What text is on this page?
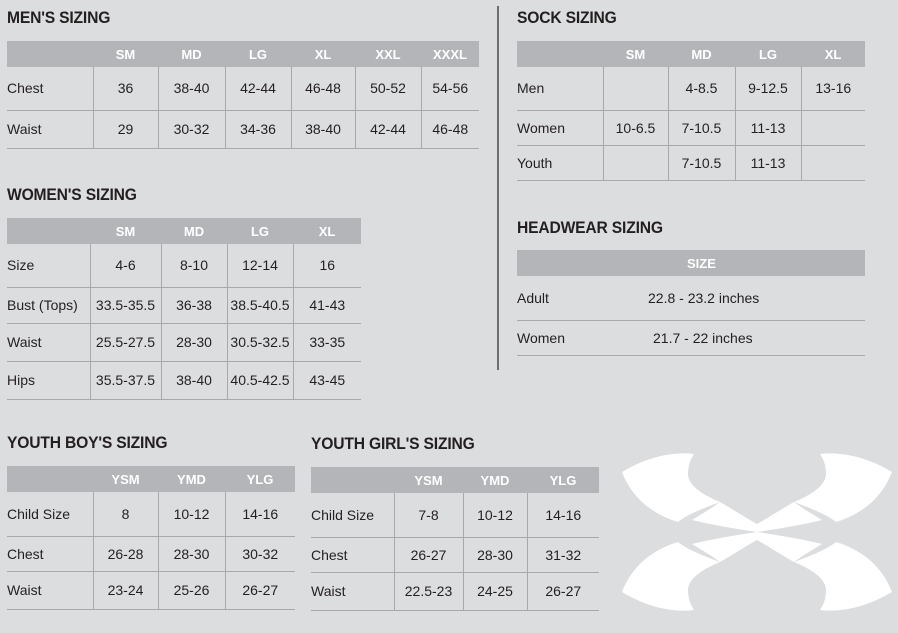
MEN'S SIZING
	SM	MD	LG	XL	XXL	XXXL
Chest	36	38-40	42-44	46-48	50-52	54-56
Waist	29	30-32	34-36	38-40	42-44	46-48
WOMEN'S SIZING
	SM	MD	LG	XL
Size	4-6	8-10	12-14	16
Bust (Tops)	33.5-35.5	36-38	38.5-40.5	41-43
Waist	25.5-27.5	28-30	30.5-32.5	33-35
Hips	35.5-37.5	38-40	40.5-42.5	43-45
YOUTH BOY'S SIZING
	YSM	YMD	YLG
Child Size	8	10-12	14-16
Chest	26-28	28-30	30-32
Waist	23-24	25-26	26-27
YOUTH GIRL'S SIZING
	YSM	YMD	YLG
Child Size	7-8	10-12	14-16
Chest	26-27	28-30	31-32
Waist	22.5-23	24-25	26-27
SOCK SIZING
	SM	MD	LG	XL
Men		4-8.5	9-12.5	13-16
Women	10-6.5	7-10.5	11-13	
Youth		7-10.5	11-13	
HEADWEAR SIZING
	SIZE
Adult	22.8 - 23.2 inches
Women	21.7 - 22 inches
